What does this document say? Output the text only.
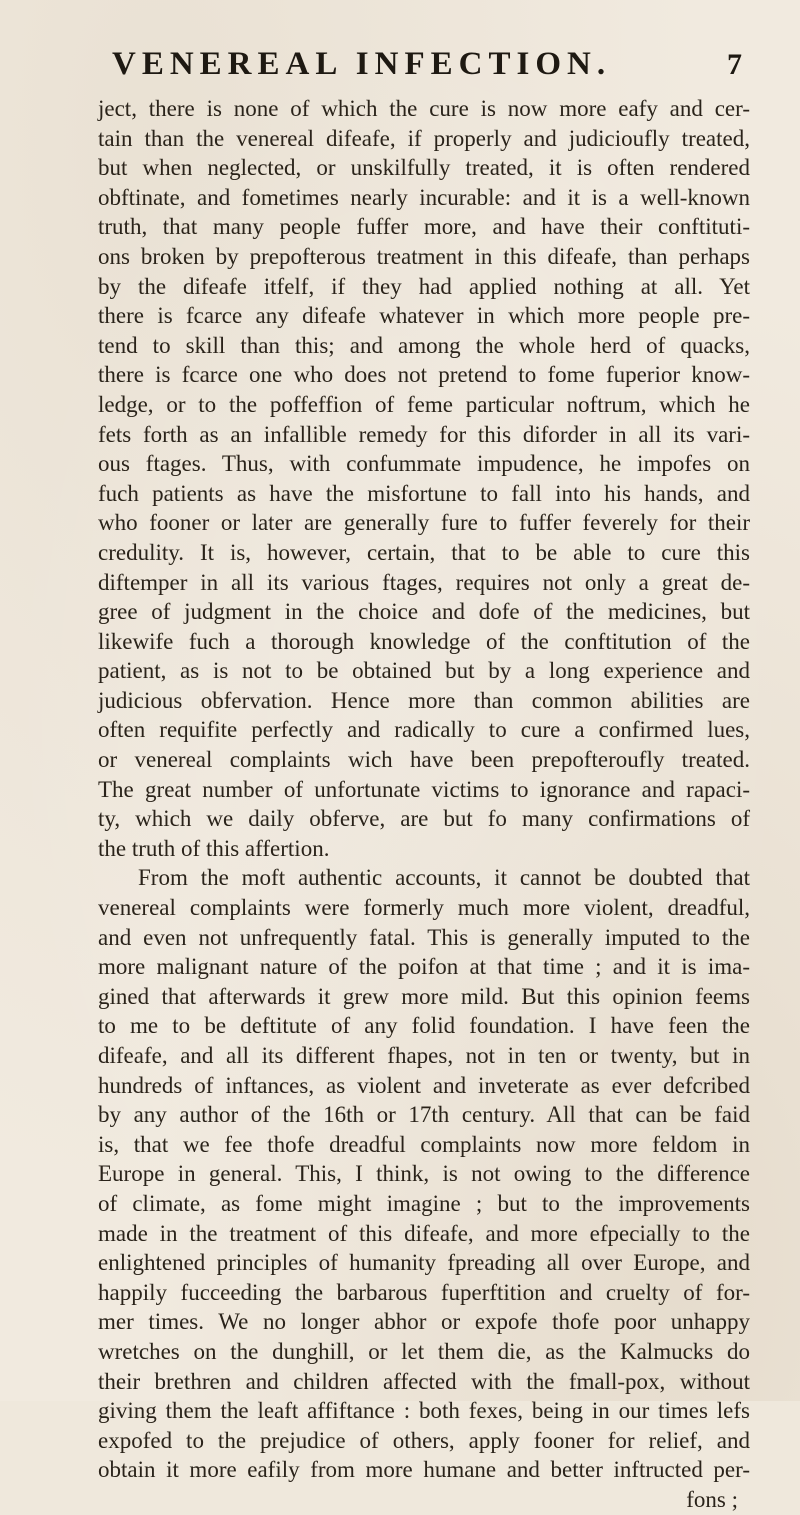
VENEREAL INFECTION.	7
ject, there is none of which the cure is now more eafy and cer-
tain than the venereal difeafe, if properly and judicioufly treated,
but when neglected, or unskilfully treated, it is often rendered
obftinate, and fometimes nearly incurable: and it is a well-known
truth, that many people fuffer more, and have their conftituti-
ons broken by prepofterous treatment in this difeafe, than perhaps
by the difeafe itfelf, if they had applied nothing at all. Yet
there is fcarce any difeafe whatever in which more people pre-
tend to skill than this; and among the whole herd of quacks,
there is fcarce one who does not pretend to fome fuperior know-
ledge, or to the poffeffion of feme particular noftrum, which he
fets forth as an infallible remedy for this diforder in all its vari-
ous ftages. Thus, with confummate impudence, he impofes on
fuch patients as have the misfortune to fall into his hands, and
who fooner or later are generally fure to fuffer feverely for their
credulity. It is, however, certain, that to be able to cure this
diftemper in all its various ftages, requires not only a great de-
gree of judgment in the choice and dofe of the medicines, but
likewife fuch a thorough knowledge of the conftitution of the
patient, as is not to be obtained but by a long experience and
judicious obfervation. Hence more than common abilities are
often requifite perfectly and radically to cure a confirmed lues,
or venereal complaints wich have been prepofteroufly treated.
The great number of unfortunate victims to ignorance and rapaci-
ty, which we daily obferve, are but fo many confirmations of
the truth of this affertion.
From the moft authentic accounts, it cannot be doubted that
venereal complaints were formerly much more violent, dreadful,
and even not unfrequently fatal. This is generally imputed to the
more malignant nature of the poifon at that time ; and it is ima-
gined that afterwards it grew more mild. But this opinion feems
to me to be deftitute of any folid foundation. I have feen the
difeafe, and all its different fhapes, not in ten or twenty, but in
hundreds of inftances, as violent and inveterate as ever defcribed
by any author of the 16th or 17th century. All that can be faid
is, that we fee thofe dreadful complaints now more feldom in
Europe in general. This, I think, is not owing to the difference
of climate, as fome might imagine ; but to the improvements
made in the treatment of this difeafe, and more efpecially to the
enlightened principles of humanity fpreading all over Europe, and
happily fucceeding the barbarous fuperftition and cruelty of for-
mer times. We no longer abhor or expofe thofe poor unhappy
wretches on the dunghill, or let them die, as the Kalmucks do
their brethren and children affected with the fmall-pox, without
giving them the leaft affiftance : both fexes, being in our times lefs
expofed to the prejudice of others, apply fooner for relief, and
obtain it more eafily from more humane and better inftructed per-
fons ;
